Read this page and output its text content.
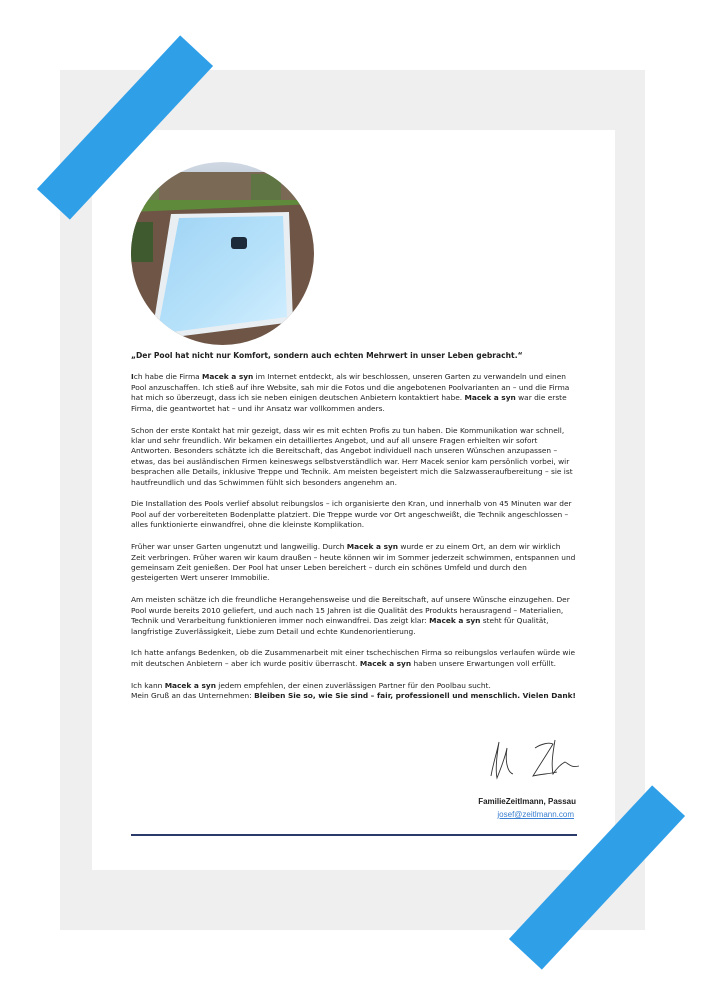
„Der Pool hat nicht nur Komfort, sondern auch echten Mehrwert in unser Leben gebracht.“

Ich habe die Firma Macek a syn im Internet entdeckt, als wir beschlossen, unseren Garten zu verwandeln und einen Pool anzuschaffen. Ich stieß auf ihre Website, sah mir die Fotos und die angebotenen Poolvarianten an – und die Firma hat mich so überzeugt, dass ich sie neben einigen deutschen Anbietern kontaktiert habe. Macek a syn war die erste Firma, die geantwortet hat – und ihr Ansatz war vollkommen anders.

Schon der erste Kontakt hat mir gezeigt, dass wir es mit echten Profis zu tun haben. Die Kommunikation war schnell, klar und sehr freundlich. Wir bekamen ein detailliertes Angebot, und auf all unsere Fragen erhielten wir sofort Antworten. Besonders schätzte ich die Bereitschaft, das Angebot individuell nach unseren Wünschen anzupassen – etwas, das bei ausländischen Firmen keineswegs selbstverständlich war. Herr Macek senior kam persönlich vorbei, wir besprachen alle Details, inklusive Treppe und Technik. Am meisten begeistert mich die Salzwasseraufbereitung – sie ist hautfreundlich und das Schwimmen fühlt sich besonders angenehm an.

Die Installation des Pools verlief absolut reibungslos – ich organisierte den Kran, und innerhalb von 45 Minuten war der Pool auf der vorbereiteten Bodenplatte platziert. Die Treppe wurde vor Ort angeschweißt, die Technik angeschlossen – alles funktionierte einwandfrei, ohne die kleinste Komplikation.

Früher war unser Garten ungenutzt und langweilig. Durch Macek a syn wurde er zu einem Ort, an dem wir wirklich Zeit verbringen. Früher waren wir kaum draußen – heute können wir im Sommer jederzeit schwimmen, entspannen und gemeinsam Zeit genießen. Der Pool hat unser Leben bereichert – durch ein schönes Umfeld und durch den gesteigerten Wert unserer Immobilie.

Am meisten schätze ich die freundliche Herangehensweise und die Bereitschaft, auf unsere Wünsche einzugehen. Der Pool wurde bereits 2010 geliefert, und auch nach 15 Jahren ist die Qualität des Produkts herausragend – Materialien, Technik und Verarbeitung funktionieren immer noch einwandfrei. Das zeigt klar: Macek a syn steht für Qualität, langfristige Zuverlässigkeit, Liebe zum Detail und echte Kundenorientierung.

Ich hatte anfangs Bedenken, ob die Zusammenarbeit mit einer tschechischen Firma so reibungslos verlaufen würde wie mit deutschen Anbietern – aber ich wurde positiv überrascht. Macek a syn haben unsere Erwartungen voll erfüllt.

Ich kann Macek a syn jedem empfehlen, der einen zuverlässigen Partner für den Poolbau sucht.
Mein Gruß an das Unternehmen: Bleiben Sie so, wie Sie sind – fair, professionell und menschlich. Vielen Dank!

FamilieZeitlmann, Passau
josef@zeitlmann.com
